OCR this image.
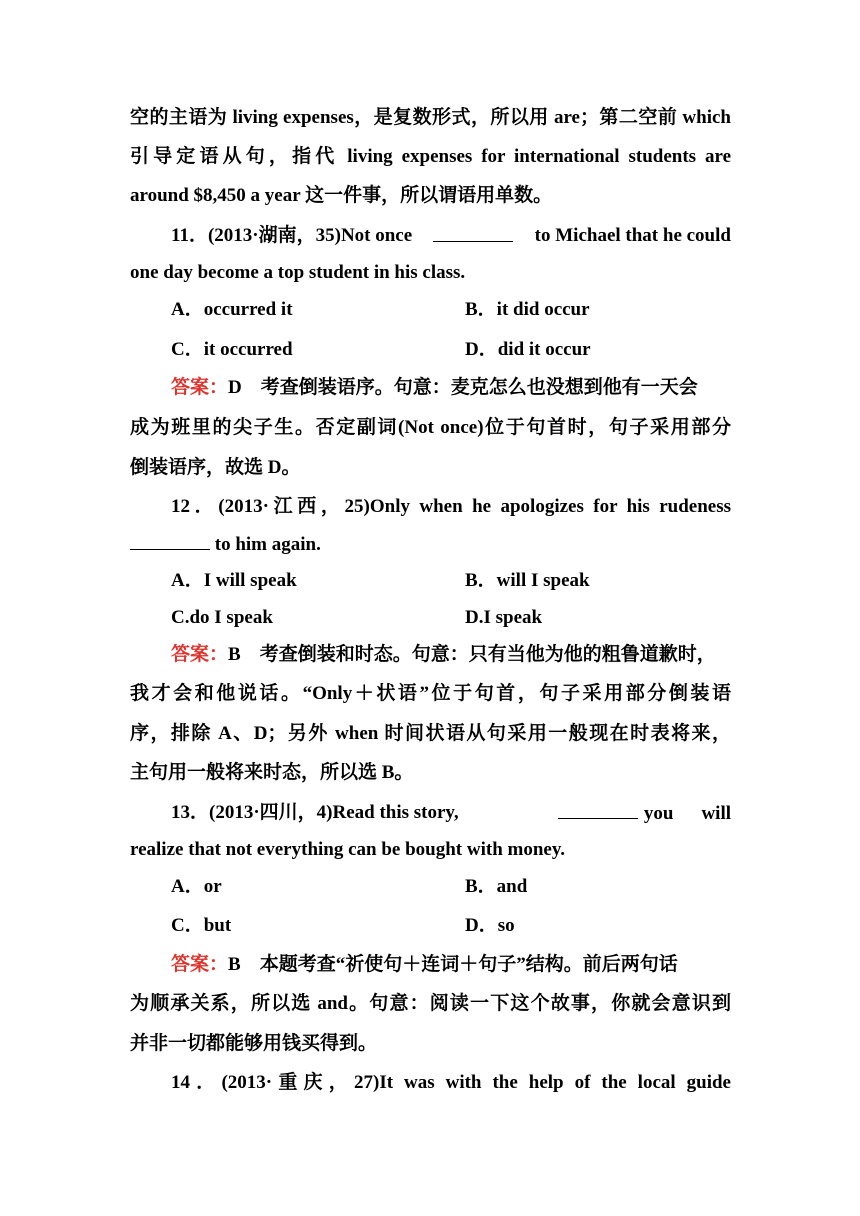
空的主语为 living expenses，是复数形式，所以用 are；第二空前 which
引导定语从句，指代 living expenses for international students are
around $8,450 a year 这一件事，所以谓语用单数。
11．(2013·湖南，35)Not once	to Michael that he could
one day become a top student in his class.
A．occurred it	B．it did occur
C．it occurred	D．did it occur
答案：D　考查倒装语序。句意：麦克怎么也没想到他有一天会
成为班里的尖子生。否定副词(Not once)位于句首时，句子采用部分
倒装语序，故选 D。
12．(2013·江西，25)Only when he apologizes for his rudeness
to him again.
A．I will speak	B．will I speak
C.do I speak	D.I speak
答案：B　考查倒装和时态。句意：只有当他为他的粗鲁道歉时，
我才会和他说话。“Only＋状语”位于句首，句子采用部分倒装语
序，排除 A、D；另外 when 时间状语从句采用一般现在时表将来，
主句用一般将来时态，所以选 B。
13．(2013·四川，4)Read this story,	you will
realize that not everything can be bought with money.
A．or	B．and
C．but	D．so
答案：B　本题考查“祈使句＋连词＋句子”结构。前后两句话
为顺承关系，所以选 and。句意：阅读一下这个故事，你就会意识到
并非一切都能够用钱买得到。
14．(2013·重庆，27)It was with the help of the local guide
